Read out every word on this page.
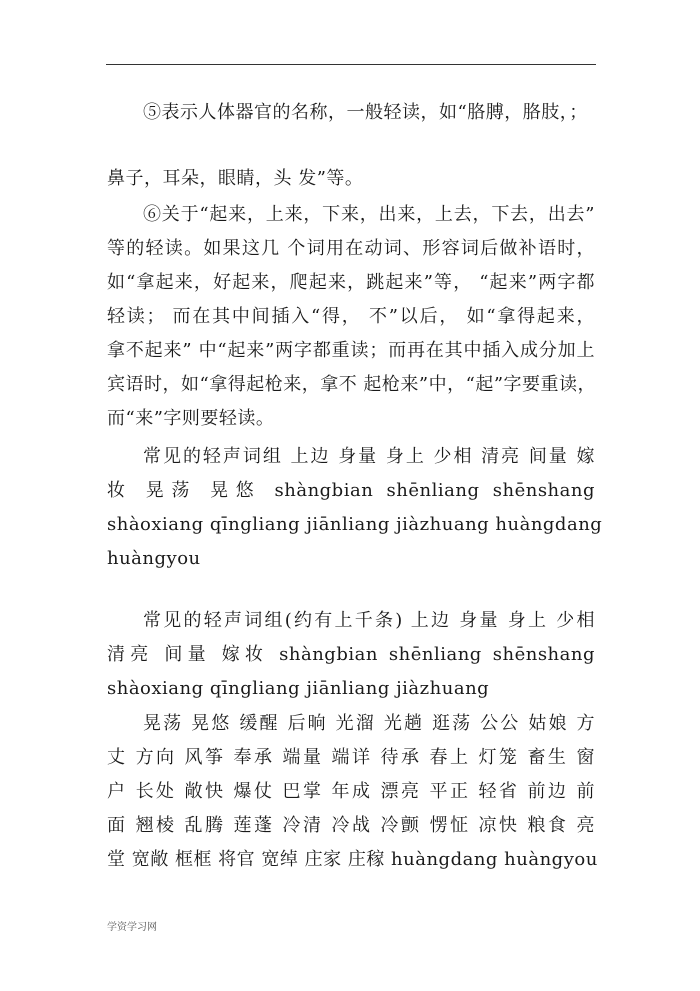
⑤表示人体器官的名称，一般轻读，如“胳膊，胳肢，；
鼻子，耳朵，眼睛，头 发”等。
⑥关于“起来，上来，下来，出来，上去，下去，出去”
等的轻读。如果这几 个词用在动词、形容词后做补语时，
如“拿起来，好起来，爬起来，跳起来”等， “起来”两字都
轻读； 而在其中间插入“得， 不”以后， 如“拿得起来，
拿不起来” 中“起来”两字都重读；而再在其中插入成分加上
宾语时，如“拿得起枪来，拿不 起枪来”中，“起”字要重读，
而“来”字则要轻读。
常见的轻声词组 上边 身量 身上 少相 清亮 间量 嫁
妆 晃荡 晃悠 shàngbian shēnliang shēnshang
shàoxiang qīngliang jiānliang jiàzhuang huàngdang
huàngyou
常见的轻声词组(约有上千条) 上边 身量 身上 少相
清亮 间量 嫁妆 shàngbian shēnliang shēnshang
shàoxiang qīngliang jiānliang jiàzhuang
晃荡 晃悠 缓醒 后晌 光溜 光趟 逛荡 公公 姑娘 方
丈 方向 风筝 奉承 端量 端详 待承 春上 灯笼 畜生 窗
户 长处 敞快 爆仗 巴掌 年成 漂亮 平正 轻省 前边 前
面 翘棱 乱腾 莲蓬 冷清 冷战 冷颤 愣怔 凉快 粮食 亮
堂 宽敞 框框 将官 宽绰 庄家 庄稼 huàngdang huàngyou
学资学习网
